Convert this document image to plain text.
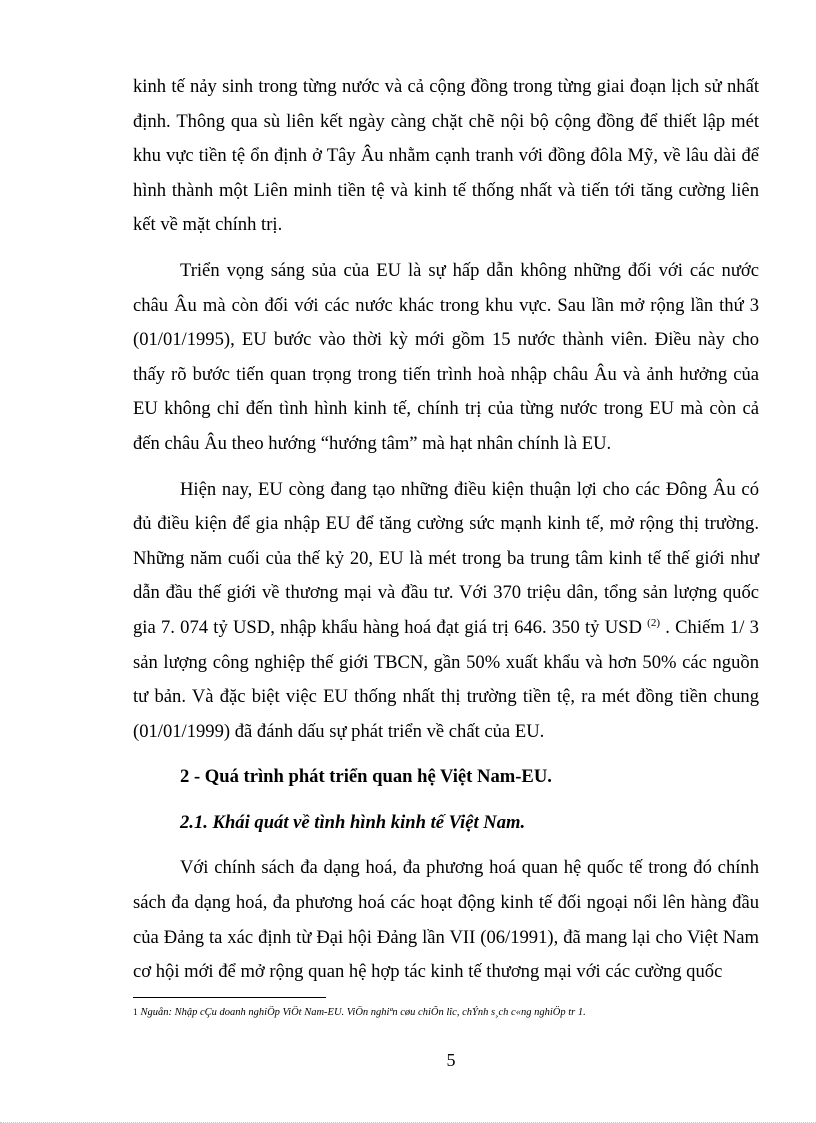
kinh tế nảy sinh trong từng nước và cả cộng đồng trong từng giai đoạn lịch sử nhất định. Thông qua sù liên kết ngày càng chặt chẽ nội bộ cộng đồng để thiết lập mét khu vực tiền tệ ổn định ở Tây Âu nhằm cạnh tranh với đồng đôla Mỹ, về lâu dài để hình thành một Liên minh tiền tệ và kinh tế thống nhất và tiến tới tăng cường liên kết về mặt chính trị.

Triển vọng sáng sủa của EU là sự hấp dẫn không những đối với các nước châu Âu mà còn đối với các nước khác trong khu vực. Sau lần mở rộng lần thứ 3 (01/01/1995), EU bước vào thời kỳ mới gồm 15 nước thành viên. Điều này cho thấy rõ bước tiến quan trọng trong tiến trình hoà nhập châu Âu và ảnh hưởng của EU không chỉ đến tình hình kinh tế, chính trị của từng nước trong EU mà còn cả đến châu Âu theo hướng “hướng tâm” mà hạt nhân chính là EU.

Hiện nay, EU còng đang tạo những điều kiện thuận lợi cho các Đông Âu có đủ điều kiện để gia nhập EU để tăng cường sức mạnh kinh tế, mở rộng thị trường. Những năm cuối của thế kỷ 20, EU là mét trong ba trung tâm kinh tế thế giới như dẫn đầu thế giới về thương mại và đầu tư. Với 370 triệu dân, tổng sản lượng quốc gia 7. 074 tỷ USD, nhập khẩu hàng hoá đạt giá trị 646. 350 tỷ USD $^{(2)}$ . Chiếm 1/ 3 sản lượng công nghiệp thế giới TBCN, gần 50% xuất khẩu và hơn 50% các nguồn tư bản. Và đặc biệt việc EU thống nhất thị trường tiền tệ, ra mét đồng tiền chung (01/01/1999) đã đánh dấu sự phát triển về chất của EU.

2 - Quá trình phát triển quan hệ Việt Nam-EU.
2.1. Khái quát về tình hình kinh tế Việt Nam.

Với chính sách đa dạng hoá, đa phương hoá quan hệ quốc tế trong đó chính sách đa dạng hoá, đa phương hoá các hoạt động kinh tế đối ngoại nổi lên hàng đầu của Đảng ta xác định từ Đại hội Đảng lần VII (06/1991), đã mang lại cho Việt Nam cơ hội mới để mở rộng quan hệ hợp tác kinh tế thương mại với các cường quốc

1 Nguån: Nhập cÇu doanh nghiÖp ViÖt Nam-EU. ViÖn nghiªn cøu chiÕn lîc, chÝnh s¸ch c«ng nghiÖp tr 1.
5
